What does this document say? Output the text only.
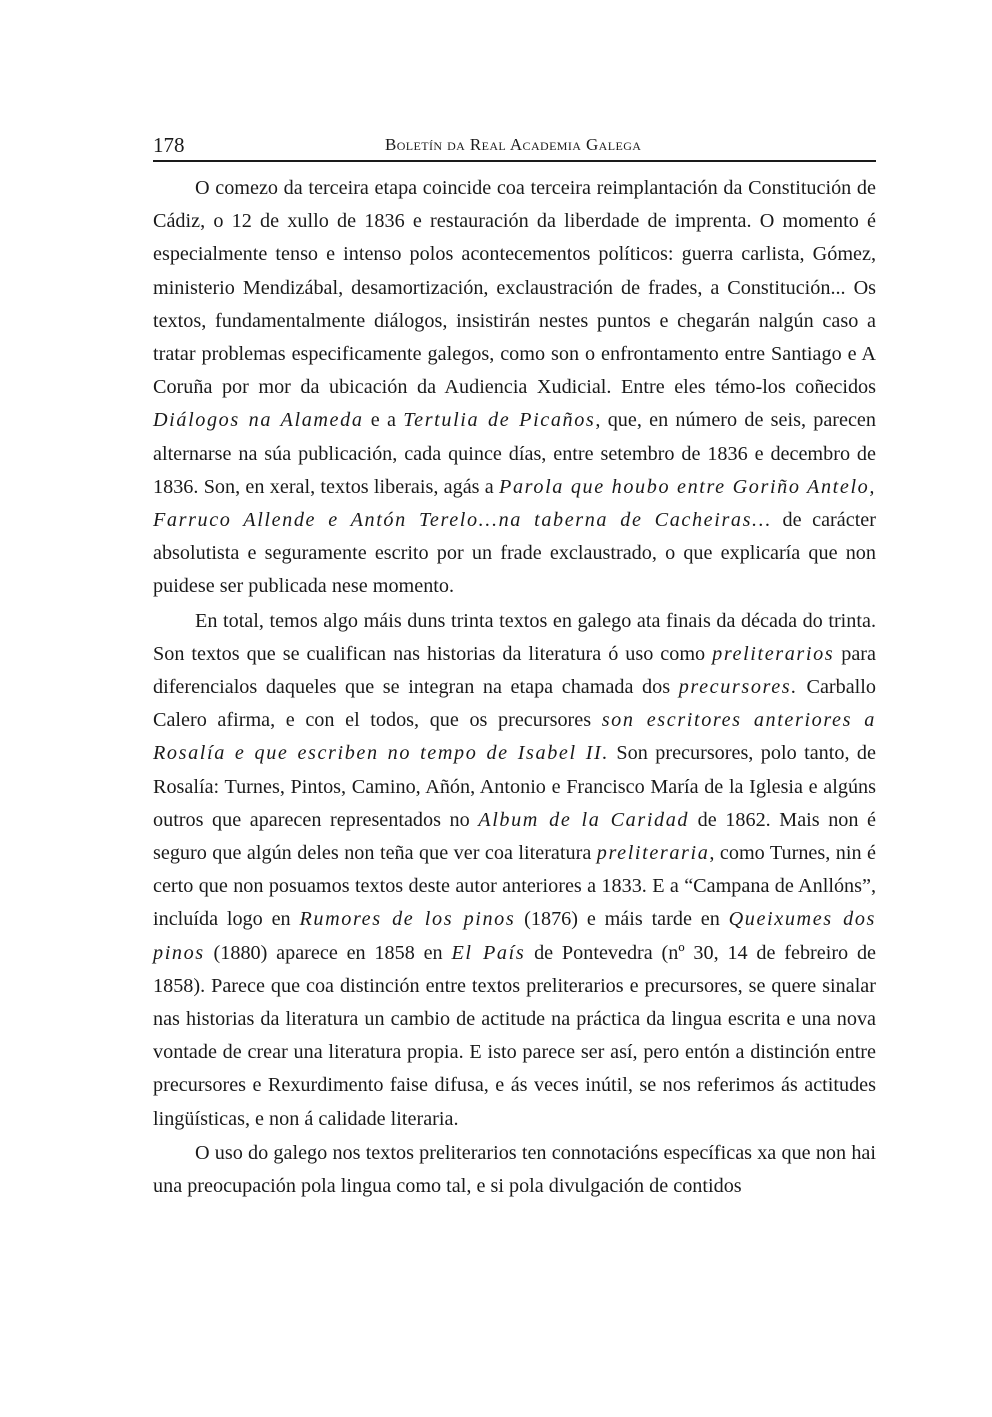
178	Boletín da Real Academia Galega

O comezo da terceira etapa coincide coa terceira reimplantación da Constitución de Cádiz, o 12 de xullo de 1836 e restauración da liberdade de imprenta. O momento é especialmente tenso e intenso polos acontecementos políticos: guerra carlista, Gómez, ministerio Mendizábal, desamortización, exclaustración de frades, a Constitución... Os textos, fundamentalmente diálogos, insistirán nestes puntos e chegarán nalgún caso a tratar problemas especificamente galegos, como son o enfrontamento entre Santiago e A Coruña por mor da ubicación da Audiencia Xudicial. Entre eles témo-los coñecidos Diálogos na Alameda e a Tertulia de Picaños, que, en número de seis, parecen alternarse na súa publicación, cada quince días, entre setembro de 1836 e decembro de 1836. Son, en xeral, textos liberais, agás a Parola que houbo entre Goriño Antelo, Farruco Allende e Antón Terelo...na taberna de Cacheiras... de carácter absolutista e seguramente escrito por un frade exclaustrado, o que explicaría que non puidese ser publicada nese momento.

En total, temos algo máis duns trinta textos en galego ata finais da década do trinta. Son textos que se cualifican nas historias da literatura ó uso como preliterarios para diferencialos daqueles que se integran na etapa chamada dos precursores. Carballo Calero afirma, e con el todos, que os precursores son escritores anteriores a Rosalía e que escriben no tempo de Isabel II. Son precursores, polo tanto, de Rosalía: Turnes, Pintos, Camino, Añón, Antonio e Francisco María de la Iglesia e algúns outros que aparecen representados no Album de la Caridad de 1862. Mais non é seguro que algún deles non teña que ver coa literatura preliteraria, como Turnes, nin é certo que non posuamos textos deste autor anteriores a 1833. E a “Campana de Anllóns”, incluída logo en Rumores de los pinos (1876) e máis tarde en Queixumes dos pinos (1880) aparece en 1858 en El País de Pontevedra (nº 30, 14 de febreiro de 1858). Parece que coa distinción entre textos preliterarios e precursores, se quere sinalar nas historias da literatura un cambio de actitude na práctica da lingua escrita e una nova vontade de crear una literatura propia. E isto parece ser así, pero entón a distinción entre precursores e Rexurdimento faise difusa, e ás veces inútil, se nos referimos ás actitudes lingüísticas, e non á calidade literaria.

O uso do galego nos textos preliterarios ten connotacións específicas xa que non hai una preocupación pola lingua como tal, e si pola divulgación de contidos
